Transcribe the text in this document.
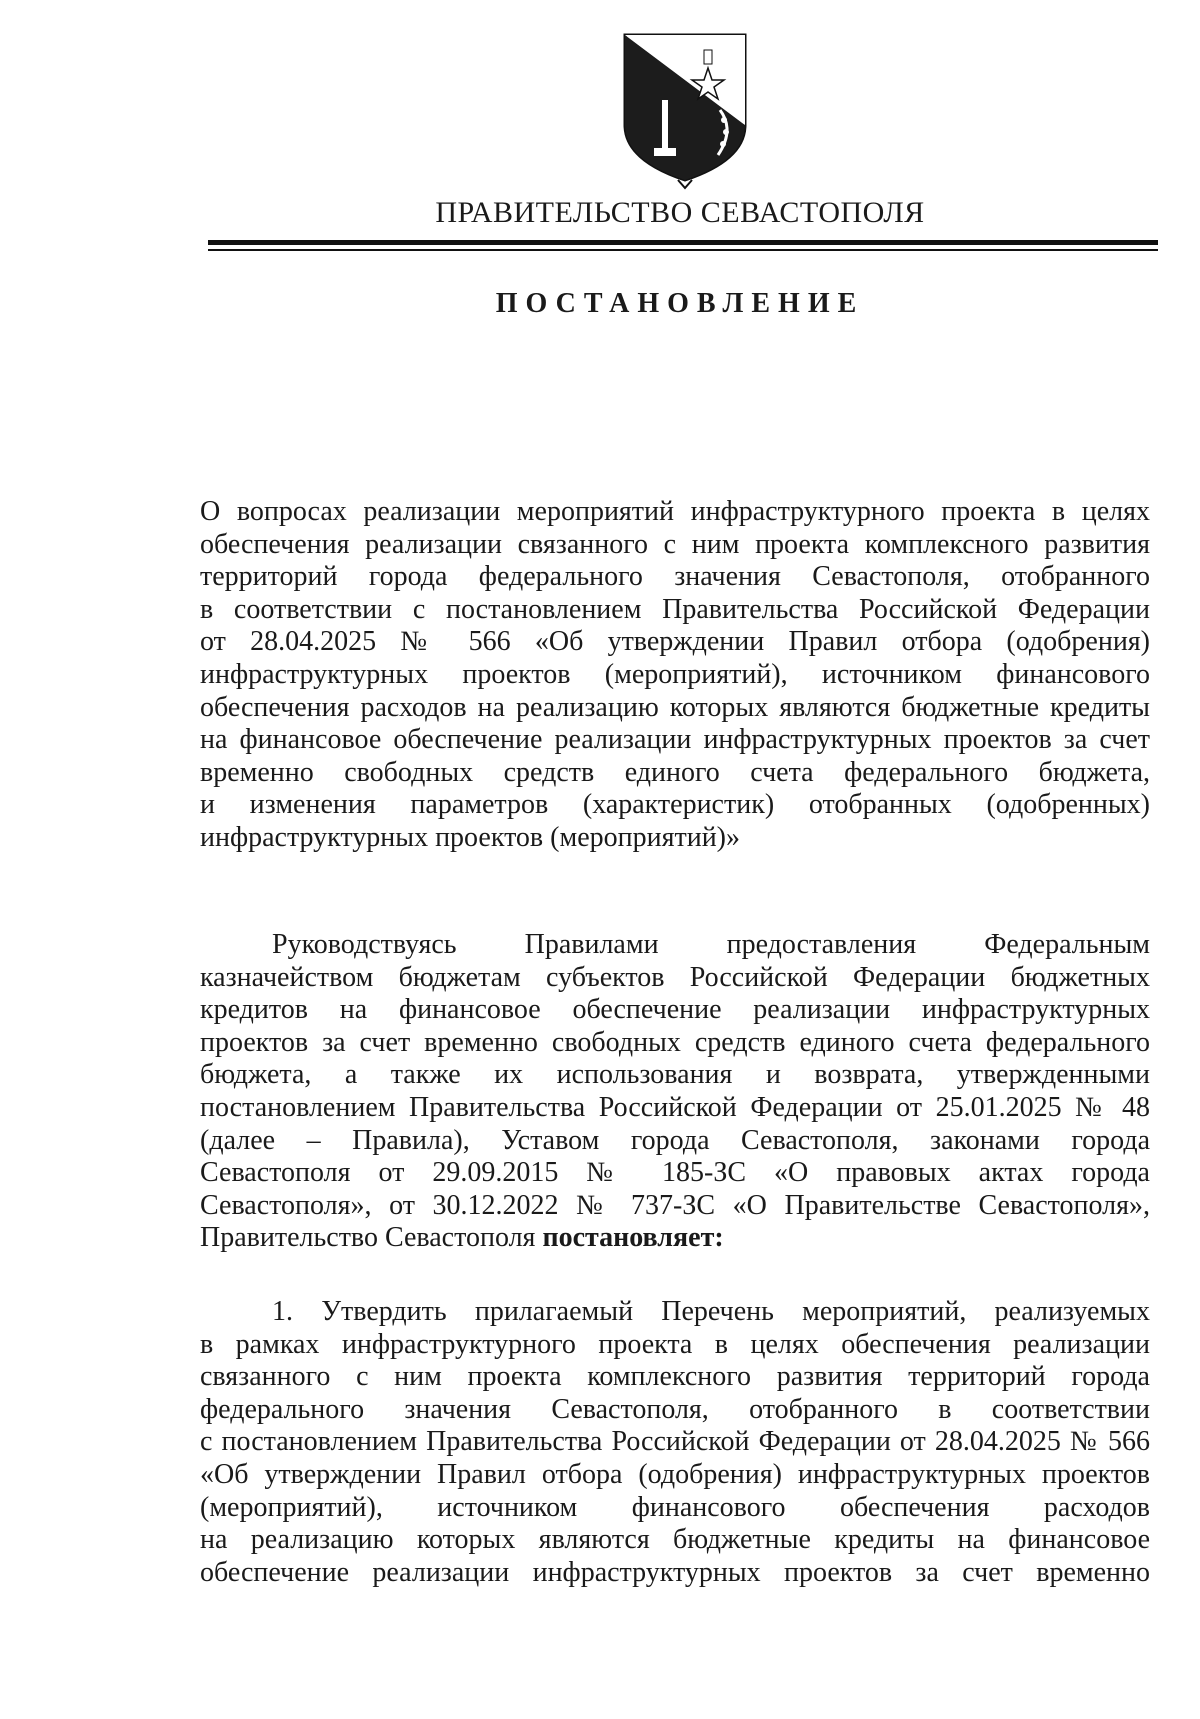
ПРАВИТЕЛЬСТВО СЕВАСТОПОЛЯ
ПОСТАНОВЛЕНИЕ
О вопросах реализации мероприятий инфраструктурного проекта в целях
обеспечения реализации связанного с ним проекта комплексного развития
территорий города федерального значения Севастополя, отобранного
в соответствии с постановлением Правительства Российской Федерации
от 28.04.2025 № 566 «Об утверждении Правил отбора (одобрения)
инфраструктурных проектов (мероприятий), источником финансового
обеспечения расходов на реализацию которых являются бюджетные кредиты
на финансовое обеспечение реализации инфраструктурных проектов за счет
временно свободных средств единого счета федерального бюджета,
и изменения параметров (характеристик) отобранных (одобренных)
инфраструктурных проектов (мероприятий)»
Руководствуясь Правилами предоставления Федеральным
казначейством бюджетам субъектов Российской Федерации бюджетных
кредитов на финансовое обеспечение реализации инфраструктурных
проектов за счет временно свободных средств единого счета федерального
бюджета, а также их использования и возврата, утвержденными
постановлением Правительства Российской Федерации от 25.01.2025 № 48
(далее – Правила), Уставом города Севастополя, законами города
Севастополя от 29.09.2015 № 185-ЗС «О правовых актах города
Севастополя», от 30.12.2022 № 737-ЗС «О Правительстве Севастополя»,
Правительство Севастополя постановляет:
1. Утвердить прилагаемый Перечень мероприятий, реализуемых
в рамках инфраструктурного проекта в целях обеспечения реализации
связанного с ним проекта комплексного развития территорий города
федерального значения Севастополя, отобранного в соответствии
с постановлением Правительства Российской Федерации от 28.04.2025 № 566
«Об утверждении Правил отбора (одобрения) инфраструктурных проектов
(мероприятий), источником финансового обеспечения расходов
на реализацию которых являются бюджетные кредиты на финансовое
обеспечение реализации инфраструктурных проектов за счет временно
